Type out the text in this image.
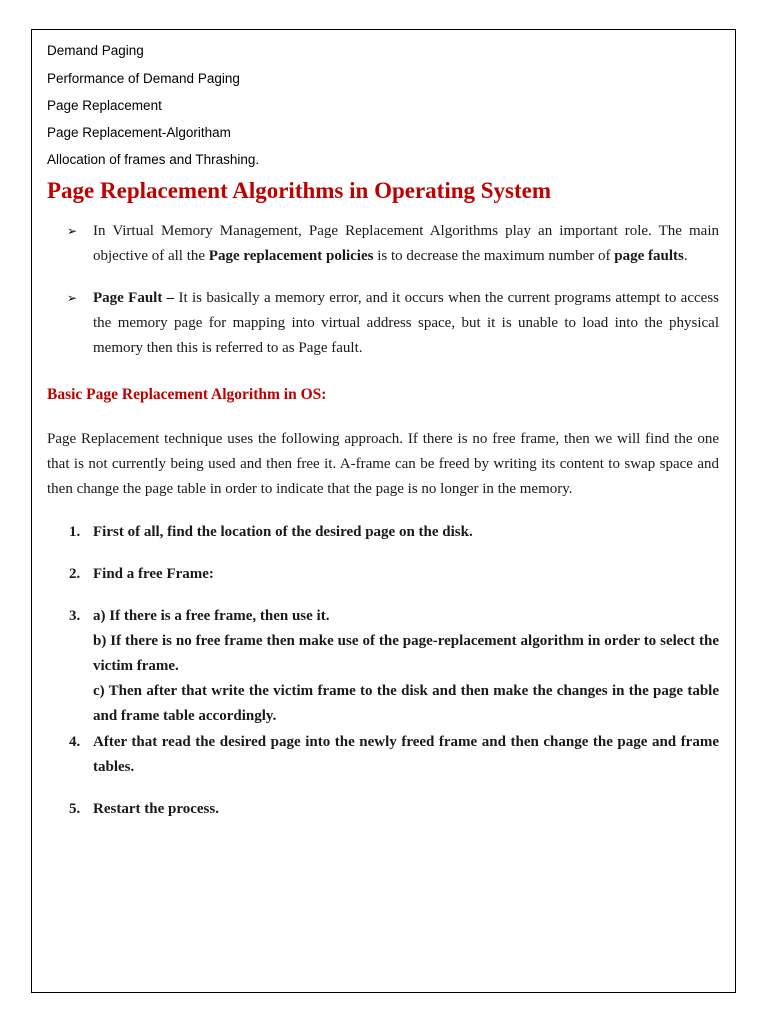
Demand Paging
Performance of Demand Paging
Page Replacement
Page Replacement-Algoritham
Allocation of frames and Thrashing.
Page Replacement Algorithms in Operating System
➢ In Virtual Memory Management, Page Replacement Algorithms play an important role. The main objective of all the Page replacement policies is to decrease the maximum number of page faults.
➢ Page Fault – It is basically a memory error, and it occurs when the current programs attempt to access the memory page for mapping into virtual address space, but it is unable to load into the physical memory then this is referred to as Page fault.
Basic Page Replacement Algorithm in OS:
Page Replacement technique uses the following approach. If there is no free frame, then we will find the one that is not currently being used and then free it. A-frame can be freed by writing its content to swap space and then change the page table in order to indicate that the page is no longer in the memory.
1. First of all, find the location of the desired page on the disk.
2. Find a free Frame:
3. a) If there is a free frame, then use it.
b) If there is no free frame then make use of the page-replacement algorithm in order to select the victim frame.
c) Then after that write the victim frame to the disk and then make the changes in the page table and frame table accordingly.
4. After that read the desired page into the newly freed frame and then change the page and frame tables.
5. Restart the process.
